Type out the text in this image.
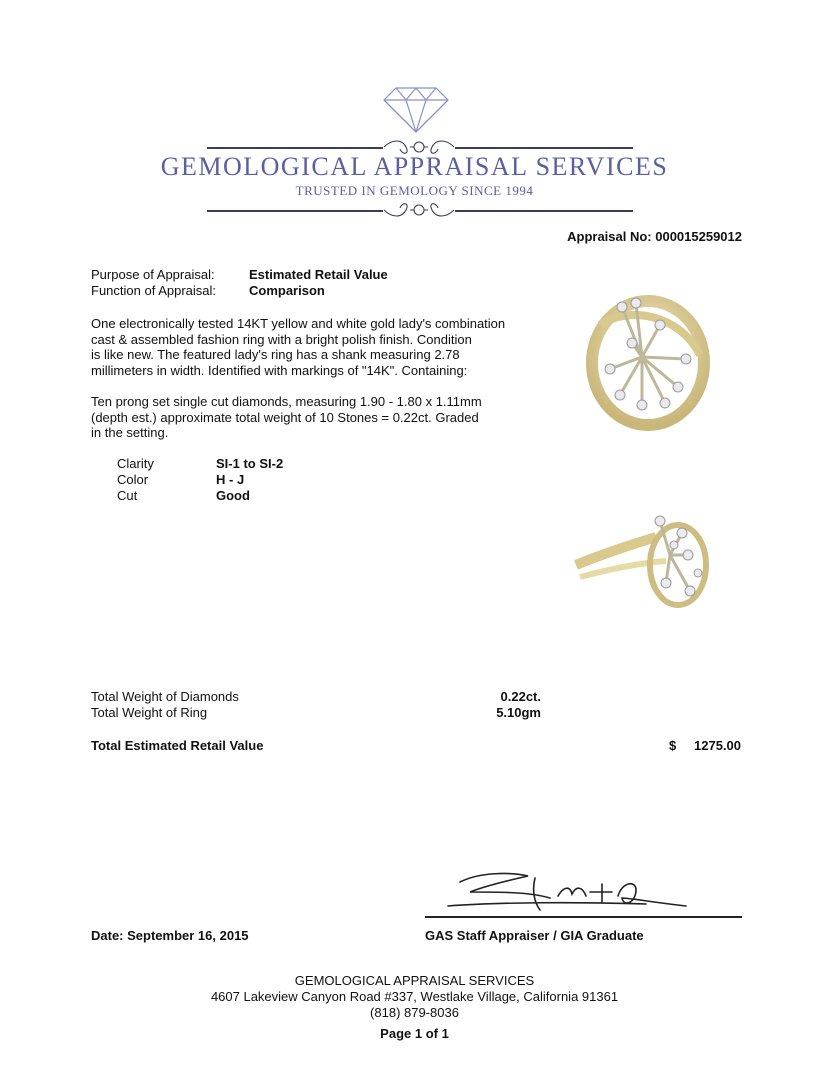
GEMOLOGICAL APPRAISAL SERVICES
TRUSTED IN GEMOLOGY SINCE 1994
Appraisal No: 000015259012
Purpose of Appraisal:	Estimated Retail Value
Function of Appraisal:	Comparison
One electronically tested 14KT yellow and white gold lady's combination
cast & assembled fashion ring with a bright polish finish. Condition
is like new. The featured lady's ring has a shank measuring 2.78
millimeters in width. Identified with markings of "14K". Containing:
Ten prong set single cut diamonds, measuring 1.90 - 1.80 x 1.11mm
(depth est.) approximate total weight of 10 Stones = 0.22ct. Graded
in the setting.
Clarity	SI-1 to SI-2
Color	H - J
Cut	Good
Total Weight of Diamonds	0.22ct.
Total Weight of Ring	5.10gm
Total Estimated Retail Value	$	1275.00
GAS Staff Appraiser / GIA Graduate
Date: September 16, 2015
GEMOLOGICAL APPRAISAL SERVICES
4607 Lakeview Canyon Road #337, Westlake Village, California 91361
(818) 879-8036
Page 1 of 1
